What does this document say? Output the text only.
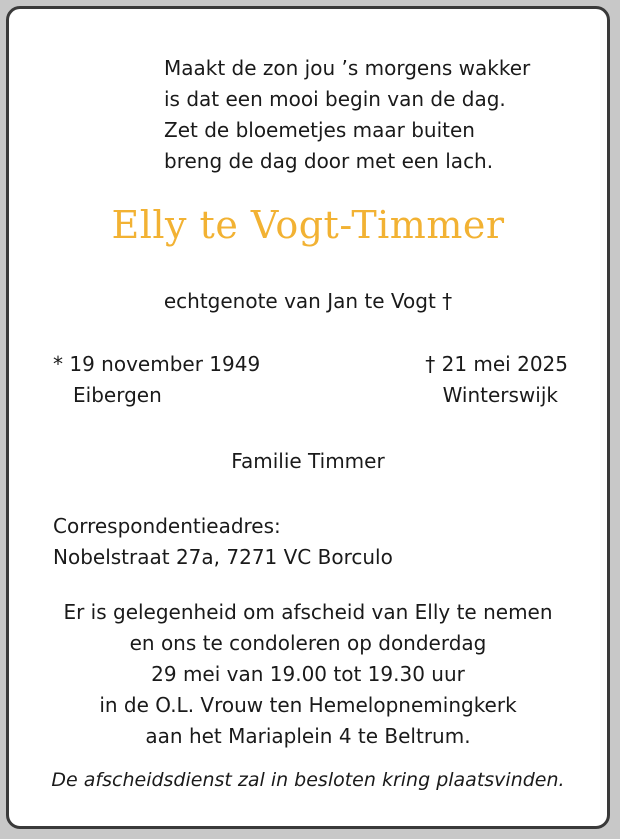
Maakt de zon jou ’s morgens wakker
is dat een mooi begin van de dag.
Zet de bloemetjes maar buiten
breng de dag door met een lach.
Elly te Vogt-Timmer
echtgenote van Jan te Vogt †
* 19 november 1949
Eibergen
† 21 mei 2025
Winterswijk
Familie Timmer
Correspondentieadres:
Nobelstraat 27a, 7271 VC Borculo
Er is gelegenheid om afscheid van Elly te nemen
en ons te condoleren op donderdag
29 mei van 19.00 tot 19.30 uur
in de O.L. Vrouw ten Hemelopnemingkerk
aan het Mariaplein 4 te Beltrum.
De afscheidsdienst zal in besloten kring plaatsvinden.
